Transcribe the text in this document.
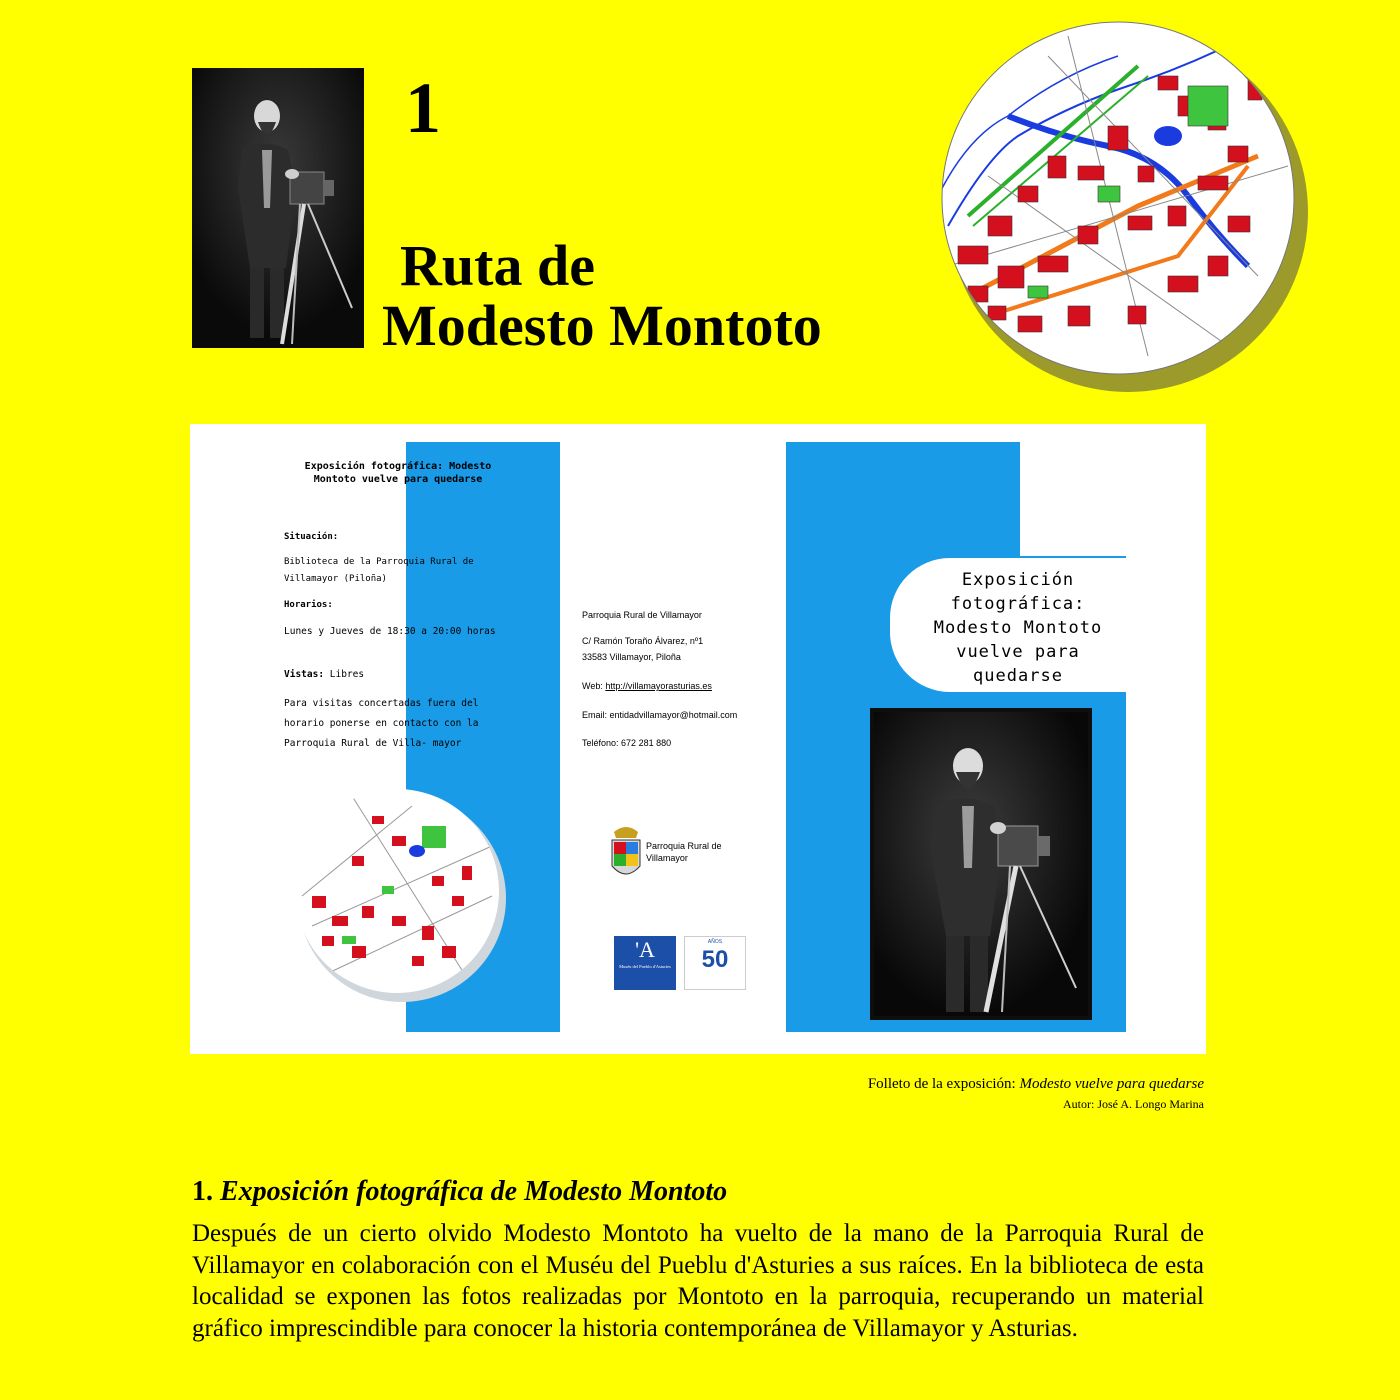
1
Ruta de
Modesto Montoto
Exposición fotográfica: Modesto Montoto vuelve para quedarse
Situación:
Biblioteca de la Parroquia Rural de Villamayor (Piloña)
Horarios:
Lunes y Jueves de 18:30 a 20:00 horas
Vistas: Libres
Para visitas concertadas fuera del horario ponerse en contacto con la Parroquia Rural de Villa- mayor
Parroquia Rural de Villamayor
C/ Ramón Toraño Álvarez, nº1
33583 Villamayor, Piloña
Web: http://villamayorasturias.es
Email: entidadvillamayor@hotmail.com
Teléfono: 672 281 880
Parroquia Rural de Villamayor
'A
Muséu del Pueblu d'Asturies
AÑOS
50
Exposición fotográfica: Modesto Montoto vuelve para quedarse
Folleto de la exposición: Modesto vuelve para quedarse
Autor: José A. Longo Marina
1. Exposición fotográfica de Modesto Montoto
Después de un cierto olvido Modesto Montoto ha vuelto de la mano de la Parroquia Rural de Villamayor en colaboración con el Muséu del Pueblu d'Asturies a sus raíces. En la biblioteca de esta localidad se exponen las fotos realizadas por Montoto en la parroquia, recuperando un material gráfico imprescindible para conocer la historia contemporánea de Villamayor y Asturias.
